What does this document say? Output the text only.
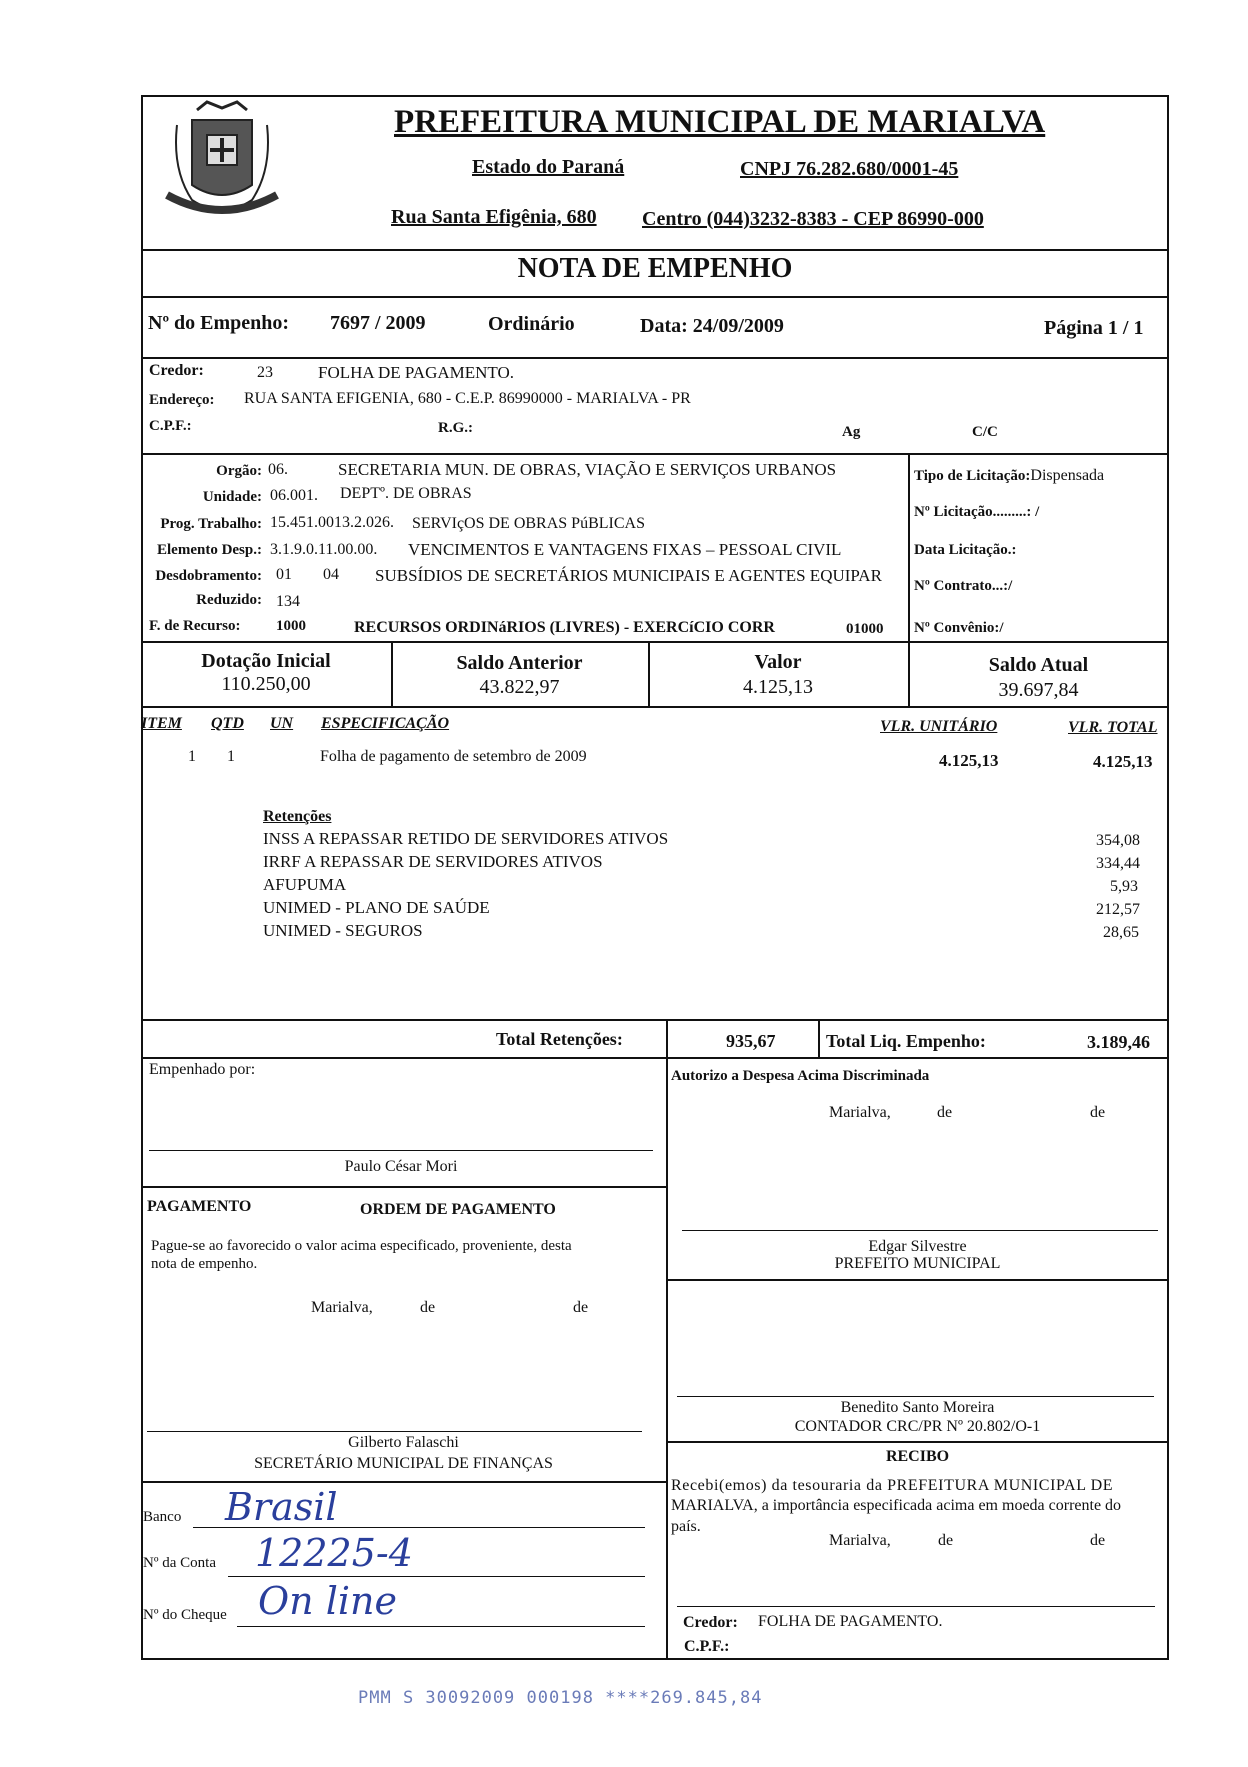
PREFEITURA MUNICIPAL DE MARIALVA
Estado do Paraná	CNPJ 76.282.680/0001-45
Rua Santa Efigênia, 680 Centro (044)3232-8383 - CEP 86990-000
NOTA DE EMPENHO
Nº do Empenho: 7697 / 2009	Ordinário	Data: 24/09/2009	Página 1 / 1
Credor:	23	FOLHA DE PAGAMENTO.
Endereço: RUA SANTA EFIGENIA, 680 - C.E.P. 86990000 - MARIALVA - PR
C.P.F.:	R.G.:	Ag	C/C
Orgão: 06.	SECRETARIA MUN. DE OBRAS, VIAÇÃO E SERVIÇOS URBANOS
Unidade: 06.001. DEPTº. DE OBRAS
Prog. Trabalho: 15.451.0013.2.026. SERVIçOS DE OBRAS PúBLICAS
Elemento Desp.: 3.1.9.0.11.00.00. VENCIMENTOS E VANTAGENS FIXAS – PESSOAL CIVIL
Desdobramento: 01 04 SUBSÍDIOS DE SECRETÁRIOS MUNICIPAIS E AGENTES EQUIPAR
Reduzido: 134
F. de Recurso: 1000	RECURSOS ORDINáRIOS (LIVRES) - EXERCíCIO CORR	01000
Tipo de Licitação:Dispensada
Nº Licitação.........: /
Data Licitação.:
Nº Contrato...:/
Nº Convênio:/
Dotação Inicial
110.250,00
Saldo Anterior
43.822,97
Valor
4.125,13
Saldo Atual
39.697,84
ITEM QTD UN ESPECIFICAÇÃO	VLR. UNITÁRIO	VLR. TOTAL
1 1	Folha de pagamento de setembro de 2009	4.125,13	4.125,13
Retenções
INSS A REPASSAR RETIDO DE SERVIDORES ATIVOS	354,08
IRRF A REPASSAR DE SERVIDORES ATIVOS	334,44
AFUPUMA	5,93
UNIMED - PLANO DE SAÚDE	212,57
UNIMED - SEGUROS	28,65
Total Retenções:	935,67	Total Liq. Empenho:	3.189,46
Empenhado por:
Paulo César Mori
Autorizo a Despesa Acima Discriminada
Marialva,	de	de
Edgar Silvestre
PREFEITO MUNICIPAL
PAGAMENTO	ORDEM DE PAGAMENTO
Pague-se ao favorecido o valor acima especificado, proveniente, desta
nota de empenho.
Marialva,	de	de
Gilberto Falaschi
SECRETÁRIO MUNICIPAL DE FINANÇAS
Benedito Santo Moreira
CONTADOR CRC/PR Nº 20.802/O-1
RECIBO
Recebi(emos) da tesouraria da PREFEITURA MUNICIPAL DE
MARIALVA, a importância especificada acima em moeda corrente do
país.
Marialva,	de	de
Credor: FOLHA DE PAGAMENTO.
C.P.F.:
Banco Brasil
Nº da Conta 12225-4
Nº do Cheque On line
PMM S 30092009 000198 ****269.845,84
